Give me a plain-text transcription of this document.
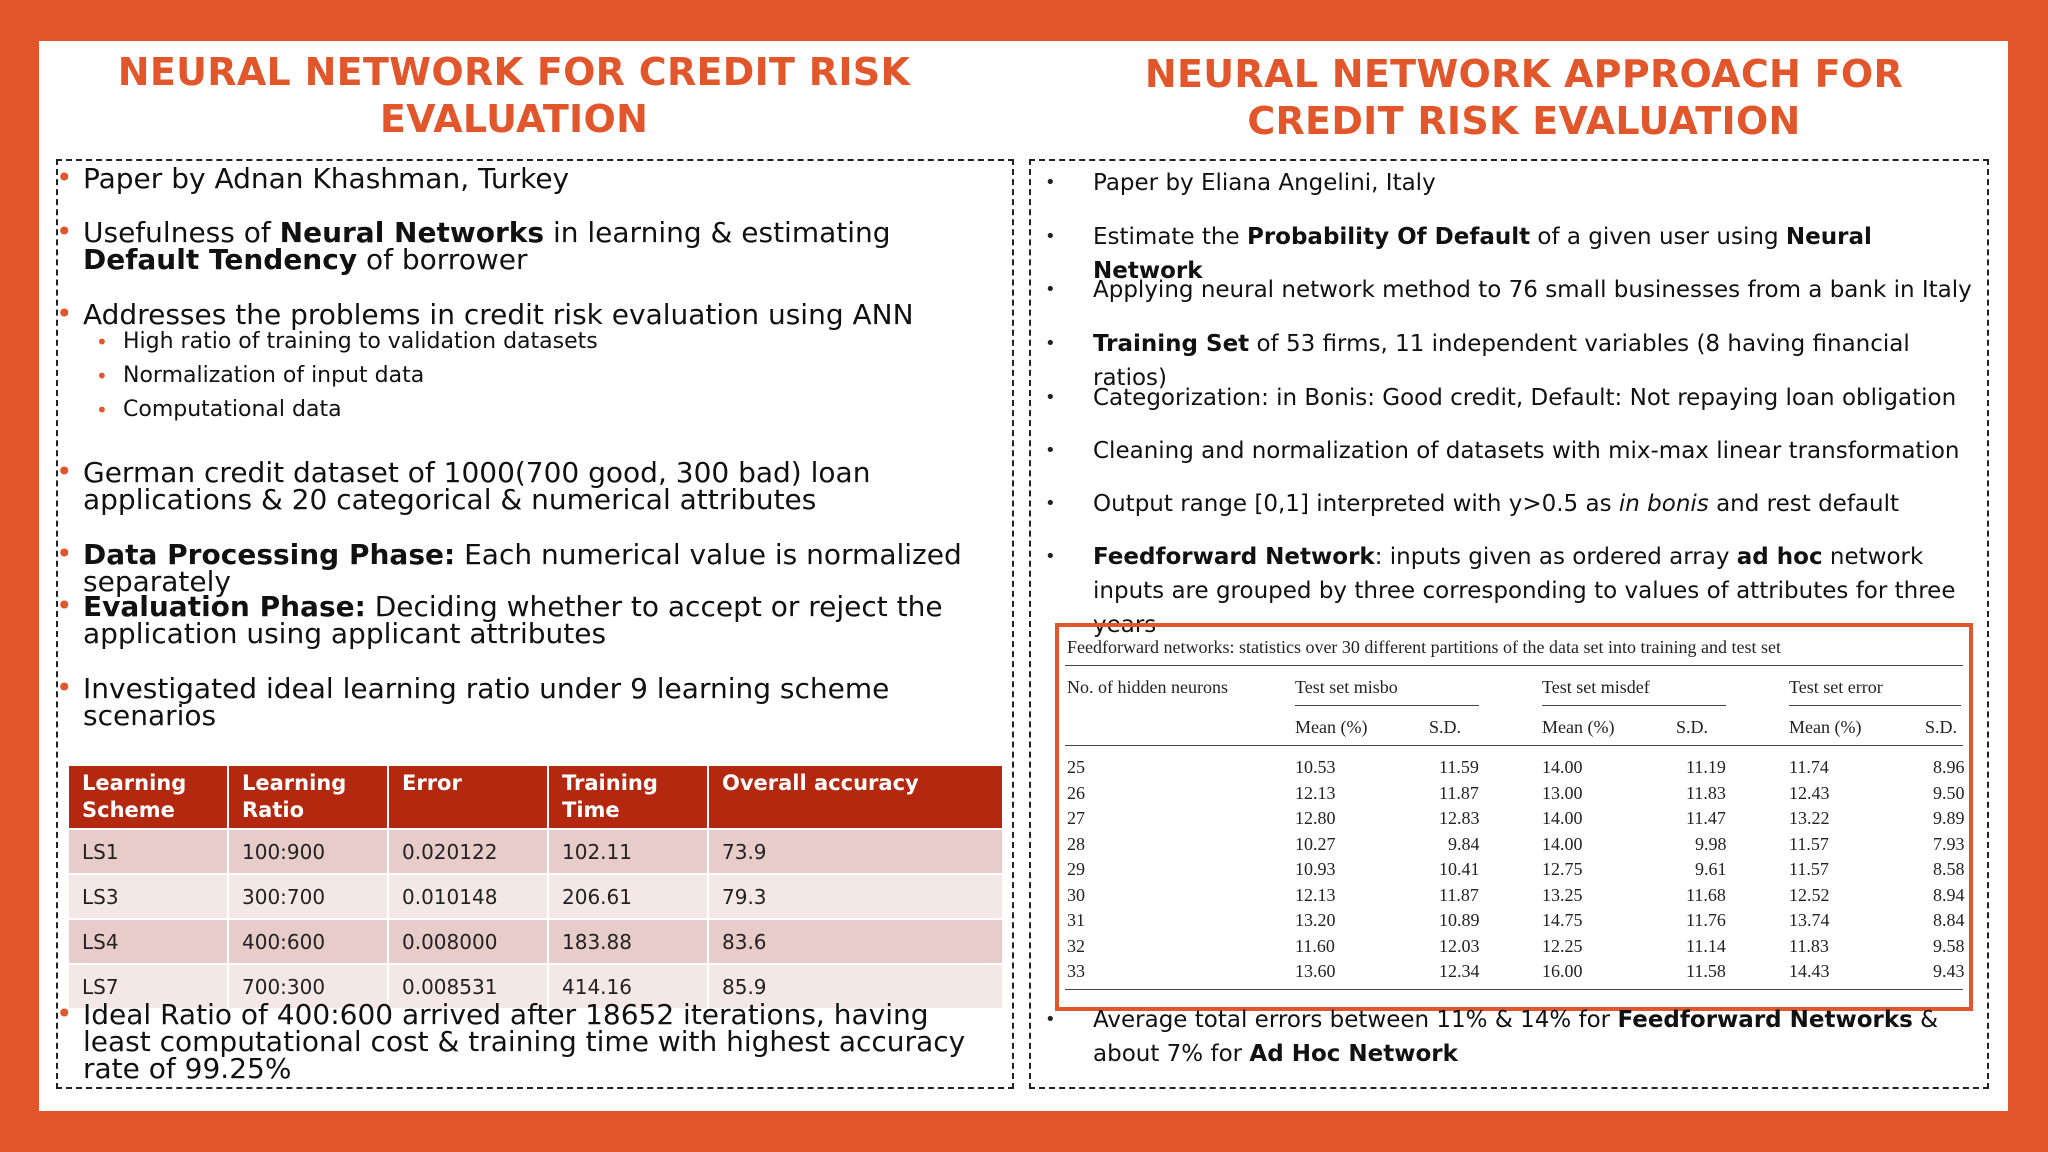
NEURAL NETWORK FOR CREDIT RISK EVALUATION
NEURAL NETWORK APPROACH FOR CREDIT RISK EVALUATION
• Paper by Adnan Khashman, Turkey
• Usefulness of Neural Networks in learning & estimating Default Tendency of borrower
• Addresses the problems in credit risk evaluation using ANN
• High ratio of training to validation datasets
• Normalization of input data
• Computational data
• German credit dataset of 1000(700 good, 300 bad) loan applications & 20 categorical & numerical attributes
• Data Processing Phase: Each numerical value is normalized separately
• Evaluation Phase: Deciding whether to accept or reject the application using applicant attributes
• Investigated ideal learning ratio under 9 learning scheme scenarios
Learning Scheme	Learning Ratio	Error	Training Time	Overall accuracy
LS1	100:900	0.020122	102.11	73.9
LS3	300:700	0.010148	206.61	79.3
LS4	400:600	0.008000	183.88	83.6
LS7	700:300	0.008531	414.16	85.9
• Ideal Ratio of 400:600 arrived after 18652 iterations, having least computational cost & training time with highest accuracy rate of 99.25%
• Paper by Eliana Angelini, Italy
• Estimate the Probability Of Default of a given user using Neural Network
• Applying neural network method to 76 small businesses from a bank in Italy
• Training Set of 53 firms, 11 independent variables (8 having financial ratios)
• Categorization: in Bonis: Good credit, Default: Not repaying loan obligation
• Cleaning and normalization of datasets with mix-max linear transformation
• Output range [0,1] interpreted with y>0.5 as in bonis and rest default
• Feedforward Network: inputs given as ordered array ad hoc network inputs are grouped by three corresponding to values of attributes for three years
Feedforward networks: statistics over 30 different partitions of the data set into training and test set
No. of hidden neurons	Test set misbo	Test set misdef	Test set error
Mean (%)	S.D.	Mean (%)	S.D.	Mean (%)	S.D.
25	10.53	11.59	14.00	11.19	11.74	8.96
26	12.13	11.87	13.00	11.83	12.43	9.50
27	12.80	12.83	14.00	11.47	13.22	9.89
28	10.27	9.84	14.00	9.98	11.57	7.93
29	10.93	10.41	12.75	9.61	11.57	8.58
30	12.13	11.87	13.25	11.68	12.52	8.94
31	13.20	10.89	14.75	11.76	13.74	8.84
32	11.60	12.03	12.25	11.14	11.83	9.58
33	13.60	12.34	16.00	11.58	14.43	9.43
• Average total errors between 11% & 14% for Feedforward Networks & about 7% for Ad Hoc Network
